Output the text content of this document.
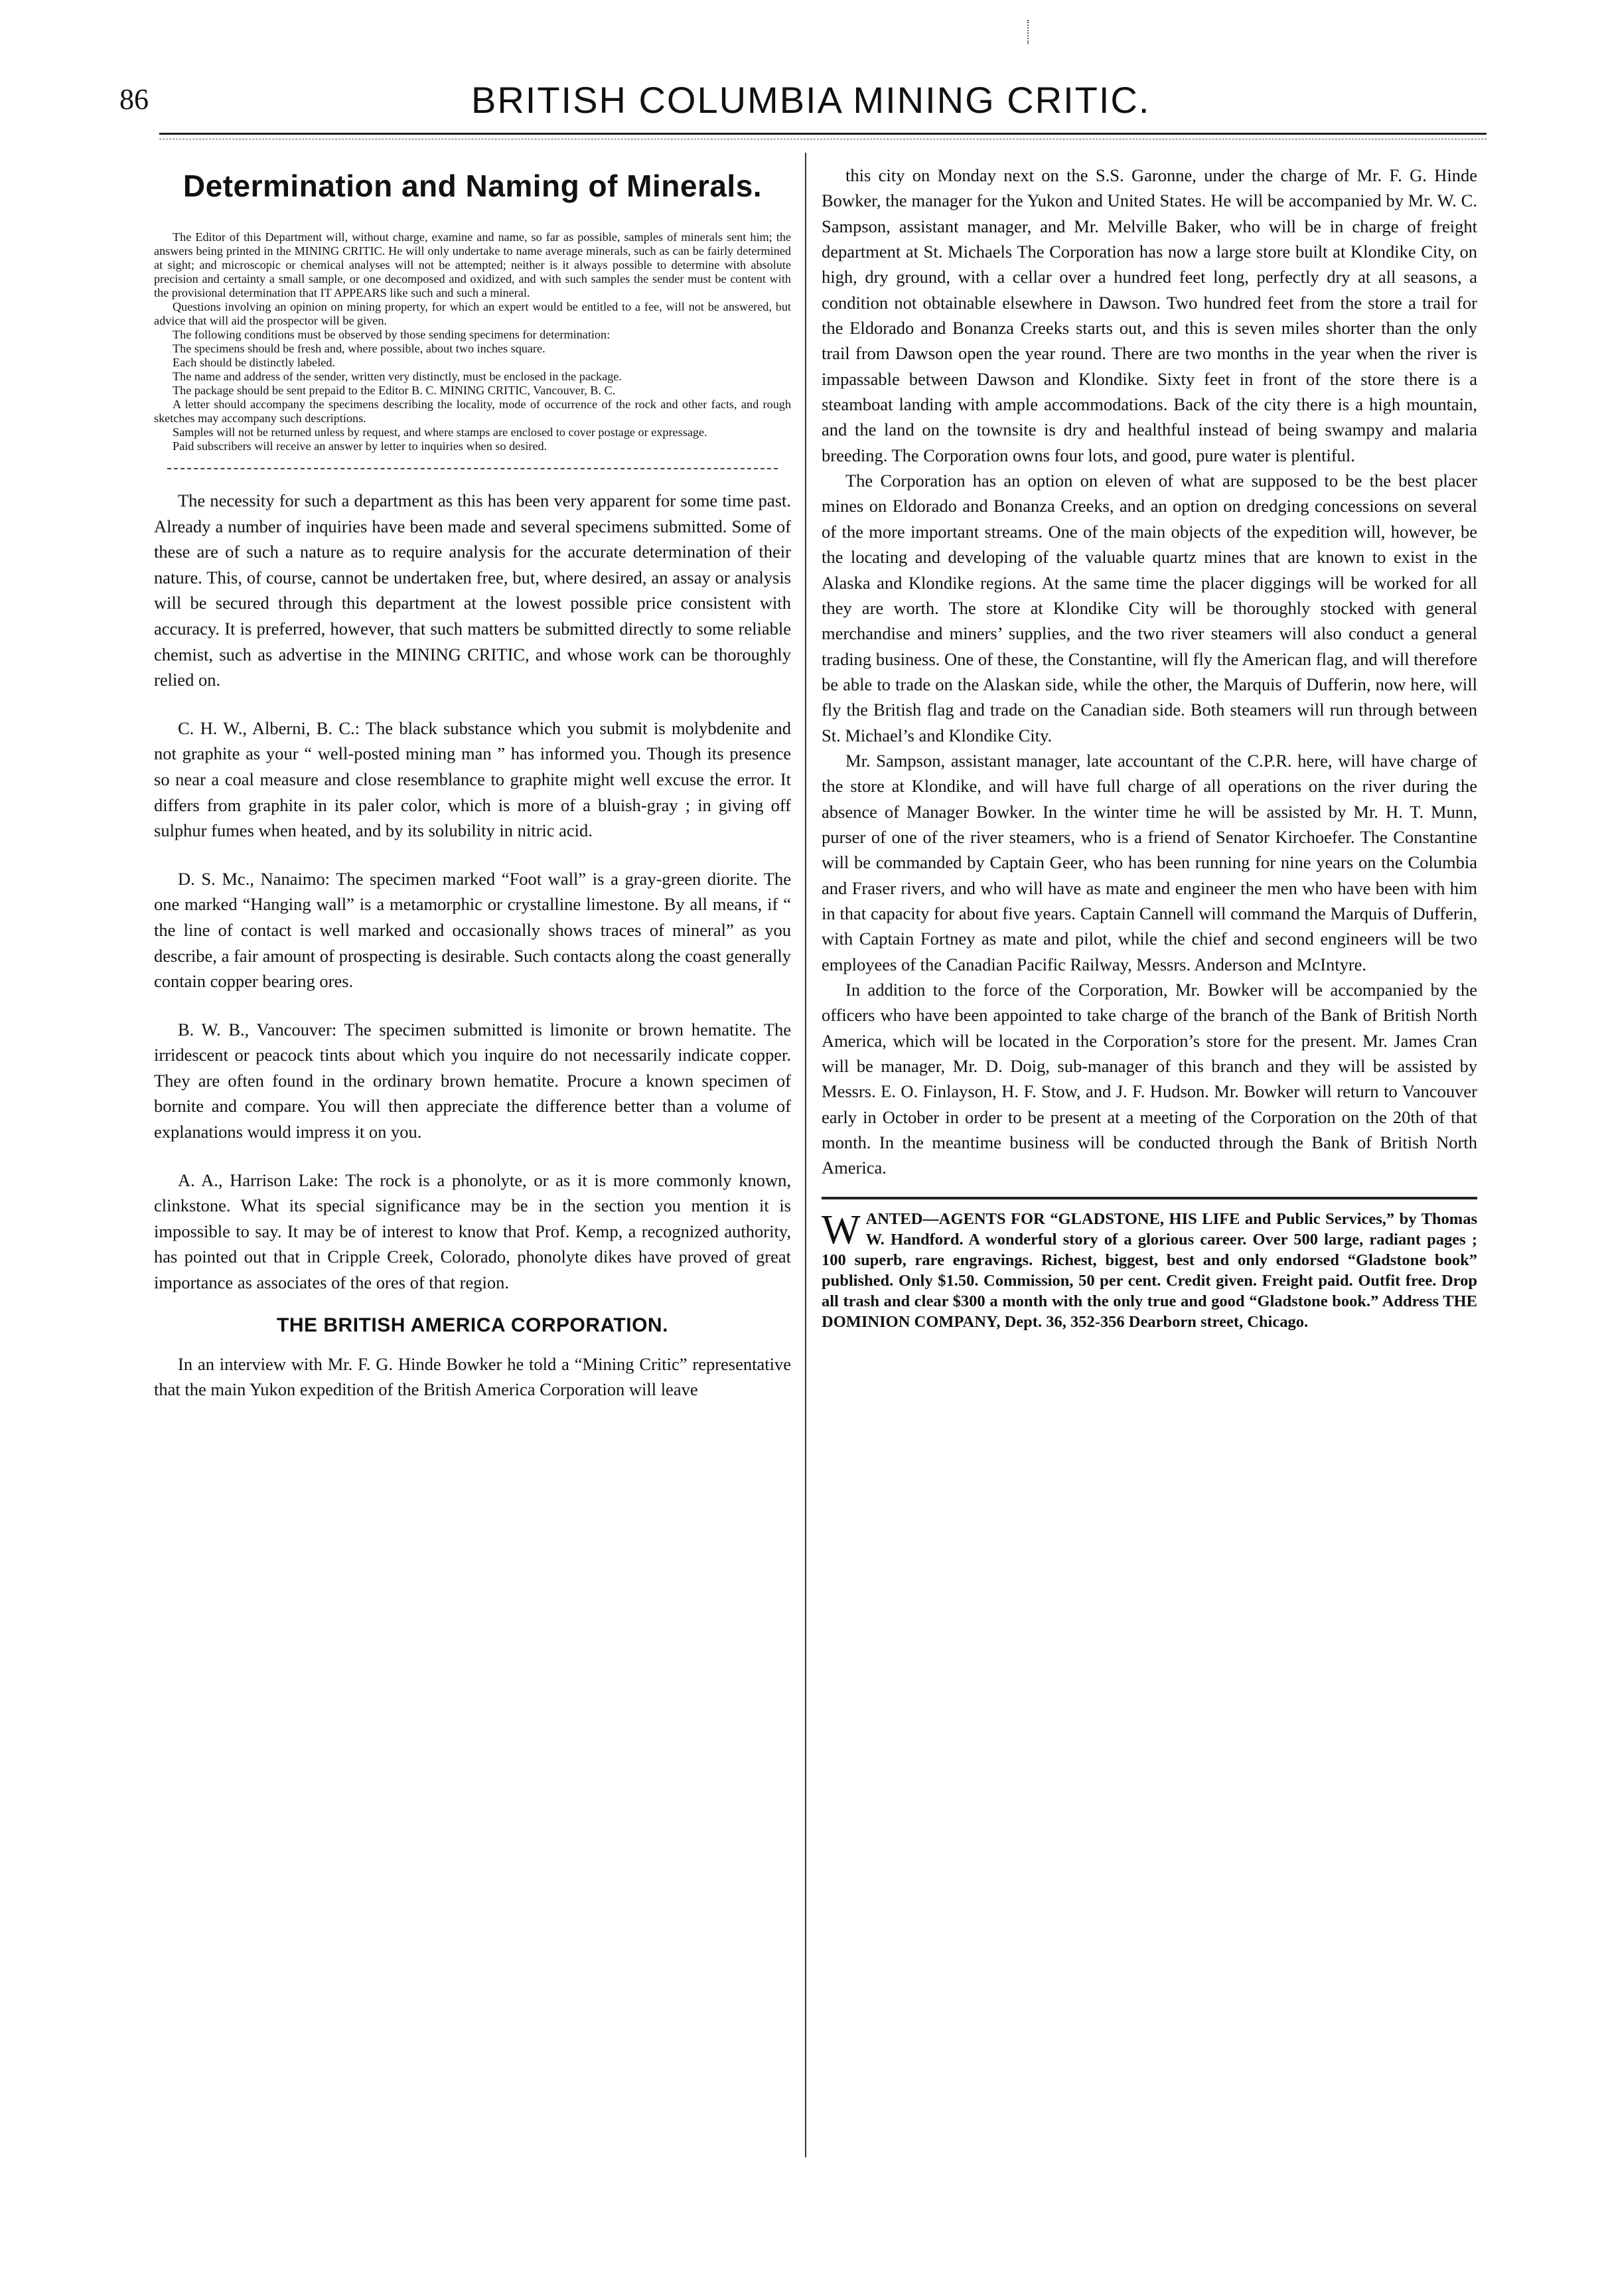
86	BRITISH COLUMBIA MINING CRITIC.
Determination and Naming of Minerals.

The Editor of this Department will, without charge, examine and name, so far as possible, samples of minerals sent him; the answers being printed in the MINING CRITIC. He will only undertake to name average minerals, such as can be fairly determined at sight; and microscopic or chemical analyses will not be attempted; neither is it always possible to determine with absolute precision and certainty a small sample, or one decomposed and oxidized, and with such samples the sender must be content with the provisional determination that IT APPEARS like such and such a mineral.

Questions involving an opinion on mining property, for which an expert would be entitled to a fee, will not be answered, but advice that will aid the prospector will be given.

The following conditions must be observed by those sending specimens for determination:

The specimens should be fresh and, where possible, about two inches square.

Each should be distinctly labeled.

The name and address of the sender, written very distinctly, must be enclosed in the package.

The package should be sent prepaid to the Editor B. C. MINING CRITIC, Vancouver, B. C.

A letter should accompany the specimens describing the locality, mode of occurrence of the rock and other facts, and rough sketches may accompany such descriptions.

Samples will not be returned unless by request, and where stamps are enclosed to cover postage or expressage.

Paid subscribers will receive an answer by letter to inquiries when so desired.

The necessity for such a department as this has been very apparent for some time past. Already a number of inquiries have been made and several specimens submitted. Some of these are of such a nature as to require analysis for the accurate determination of their nature. This, of course, cannot be undertaken free, but, where desired, an assay or analysis will be secured through this department at the lowest possible price consistent with accuracy. It is preferred, however, that such matters be submitted directly to some reliable chemist, such as advertise in the MINING CRITIC, and whose work can be thoroughly relied on.

C. H. W., Alberni, B. C.: The black substance which you submit is molybdenite and not graphite as your “ well-posted mining man ” has informed you. Though its presence so near a coal measure and close resemblance to graphite might well excuse the error. It differs from graphite in its paler color, which is more of a bluish-gray ; in giving off sulphur fumes when heated, and by its solubility in nitric acid.

D. S. Mc., Nanaimo: The specimen marked “Foot wall” is a gray-green diorite. The one marked “Hanging wall” is a metamorphic or crystalline limestone. By all means, if “ the line of contact is well marked and occasionally shows traces of mineral” as you describe, a fair amount of prospecting is desirable. Such contacts along the coast generally contain copper bearing ores.

B. W. B., Vancouver: The specimen submitted is limonite or brown hematite. The irridescent or peacock tints about which you inquire do not necessarily indicate copper. They are often found in the ordinary brown hematite. Procure a known specimen of bornite and compare. You will then appreciate the difference better than a volume of explanations would impress it on you.

A. A., Harrison Lake: The rock is a phonolyte, or as it is more commonly known, clinkstone. What its special significance may be in the section you mention it is impossible to say. It may be of interest to know that Prof. Kemp, a recognized authority, has pointed out that in Cripple Creek, Colorado, phonolyte dikes have proved of great importance as associates of the ores of that region.

THE BRITISH AMERICA CORPORATION.

In an interview with Mr. F. G. Hinde Bowker he told a “Mining Critic” representative that the main Yukon expedition of the British America Corporation will leave

this city on Monday next on the S.S. Garonne, under the charge of Mr. F. G. Hinde Bowker, the manager for the Yukon and United States. He will be accompanied by Mr. W. C. Sampson, assistant manager, and Mr. Melville Baker, who will be in charge of freight department at St. Michaels The Corporation has now a large store built at Klondike City, on high, dry ground, with a cellar over a hundred feet long, perfectly dry at all seasons, a condition not obtainable elsewhere in Dawson. Two hundred feet from the store a trail for the Eldorado and Bonanza Creeks starts out, and this is seven miles shorter than the only trail from Dawson open the year round. There are two months in the year when the river is impassable between Dawson and Klondike. Sixty feet in front of the store there is a steamboat landing with ample accommodations. Back of the city there is a high mountain, and the land on the townsite is dry and healthful instead of being swampy and malaria breeding. The Corporation owns four lots, and good, pure water is plentiful.

The Corporation has an option on eleven of what are supposed to be the best placer mines on Eldorado and Bonanza Creeks, and an option on dredging concessions on several of the more important streams. One of the main objects of the expedition will, however, be the locating and developing of the valuable quartz mines that are known to exist in the Alaska and Klondike regions. At the same time the placer diggings will be worked for all they are worth. The store at Klondike City will be thoroughly stocked with general merchandise and miners’ supplies, and the two river steamers will also conduct a general trading business. One of these, the Constantine, will fly the American flag, and will therefore be able to trade on the Alaskan side, while the other, the Marquis of Dufferin, now here, will fly the British flag and trade on the Canadian side. Both steamers will run through between St. Michael’s and Klondike City.

Mr. Sampson, assistant manager, late accountant of the C.P.R. here, will have charge of the store at Klondike, and will have full charge of all operations on the river during the absence of Manager Bowker. In the winter time he will be assisted by Mr. H. T. Munn, purser of one of the river steamers, who is a friend of Senator Kirchoefer. The Constantine will be commanded by Captain Geer, who has been running for nine years on the Columbia and Fraser rivers, and who will have as mate and engineer the men who have been with him in that capacity for about five years. Captain Cannell will command the Marquis of Dufferin, with Captain Fortney as mate and pilot, while the chief and second engineers will be two employees of the Canadian Pacific Railway, Messrs. Anderson and McIntyre.

In addition to the force of the Corporation, Mr. Bowker will be accompanied by the officers who have been appointed to take charge of the branch of the Bank of British North America, which will be located in the Corporation’s store for the present. Mr. James Cran will be manager, Mr. D. Doig, sub-manager of this branch and they will be assisted by Messrs. E. O. Finlayson, H. F. Stow, and J. F. Hudson. Mr. Bowker will return to Vancouver early in October in order to be present at a meeting of the Corporation on the 20th of that month. In the meantime business will be conducted through the Bank of British North America.

W ANTED—AGENTS FOR “GLADSTONE, HIS LIFE and Public Services,” by Thomas W. Handford. A wonderful story of a glorious career. Over 500 large, radiant pages ; 100 superb, rare engravings. Richest, biggest, best and only endorsed “Gladstone book” published. Only $1.50. Commission, 50 per cent. Credit given. Freight paid. Outfit free. Drop all trash and clear $300 a month with the only true and good “Gladstone book.” Address THE DOMINION COMPANY, Dept. 36, 352-356 Dearborn street, Chicago.
